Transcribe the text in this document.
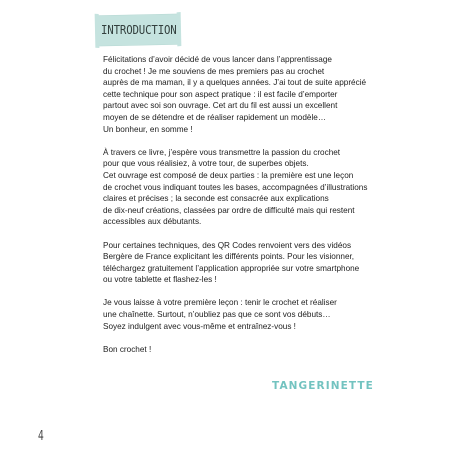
INTRODUCTION
Félicitations d’avoir décidé de vous lancer dans l’apprentissage
du crochet ! Je me souviens de mes premiers pas au crochet
auprès de ma maman, il y a quelques années. J’ai tout de suite apprécié
cette technique pour son aspect pratique : il est facile d’emporter
partout avec soi son ouvrage. Cet art du fil est aussi un excellent
moyen de se détendre et de réaliser rapidement un modèle…
Un bonheur, en somme !
À travers ce livre, j’espère vous transmettre la passion du crochet
pour que vous réalisiez, à votre tour, de superbes objets.
Cet ouvrage est composé de deux parties : la première est une leçon
de crochet vous indiquant toutes les bases, accompagnées d’illustrations
claires et précises ; la seconde est consacrée aux explications
de dix-neuf créations, classées par ordre de difficulté mais qui restent
accessibles aux débutants.
Pour certaines techniques, des QR Codes renvoient vers des vidéos
Bergère de France explicitant les différents points. Pour les visionner,
téléchargez gratuitement l’application appropriée sur votre smartphone
ou votre tablette et flashez-les !
Je vous laisse à votre première leçon : tenir le crochet et réaliser
une chaînette. Surtout, n’oubliez pas que ce sont vos débuts…
Soyez indulgent avec vous-même et entraînez-vous !
Bon crochet !
TANGERINETTE
4
